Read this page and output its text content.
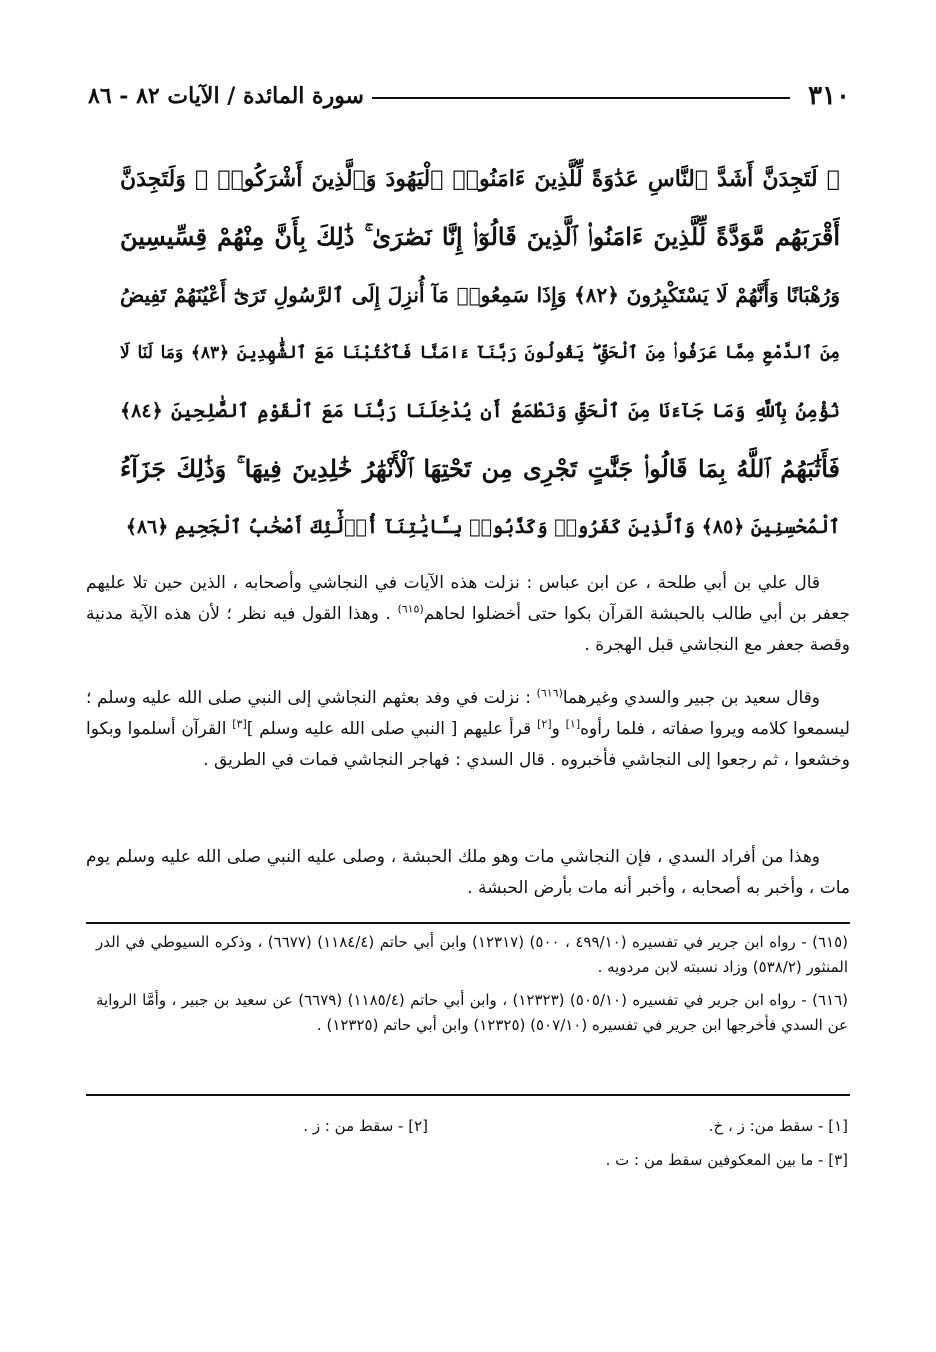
٣١٠
سورة المائدة / الآيات ٨٢ - ٨٦
۞ لَتَجِدَنَّ أَشَدَّ ٱلنَّاسِ عَدَٰوَةً لِّلَّذِينَ ءَامَنُوا۟ ٱلْيَهُودَ وَٱلَّذِينَ أَشْرَكُوا۟ ۖ وَلَتَجِدَنَّ
أَقْرَبَهُم مَّوَدَّةً لِّلَّذِينَ ءَامَنُوا۟ ٱلَّذِينَ قَالُوٓا۟ إِنَّا نَصَٰرَىٰ ۚ ذَٰلِكَ بِأَنَّ مِنْهُمْ قِسِّيسِينَ
وَرُهْبَانًا وَأَنَّهُمْ لَا يَسْتَكْبِرُونَ ﴿٨٢﴾ وَإِذَا سَمِعُوا۟ مَآ أُنزِلَ إِلَى ٱلرَّسُولِ تَرَىٰٓ أَعْيُنَهُمْ تَفِيضُ
مِنَ ٱلدَّمْعِ مِمَّا عَرَفُوا۟ مِنَ ٱلْحَقِّ ۖ يَقُولُونَ رَبَّنَآ ءَامَنَّا فَٱكْتُبْنَا مَعَ ٱلشَّٰهِدِينَ ﴿٨٣﴾ وَمَا لَنَا لَا
نُؤْمِنُ بِٱللَّهِ وَمَا جَآءَنَا مِنَ ٱلْحَقِّ وَنَطْمَعُ أَن يُدْخِلَنَا رَبُّنَا مَعَ ٱلْقَوْمِ ٱلصَّٰلِحِينَ ﴿٨٤﴾
فَأَثَٰبَهُمُ ٱللَّهُ بِمَا قَالُوا۟ جَنَّٰتٍ تَجْرِى مِن تَحْتِهَا ٱلْأَنْهَٰرُ خَٰلِدِينَ فِيهَا ۚ وَذَٰلِكَ جَزَآءُ
ٱلْمُحْسِنِينَ ﴿٨٥﴾ وَٱلَّذِينَ كَفَرُوا۟ وَكَذَّبُوا۟ بِـَٔايَٰتِنَآ أُو۟لَٰٓئِكَ أَصْحَٰبُ ٱلْجَحِيمِ ﴿٨٦﴾

قال علي بن أبي طلحة ، عن ابن عباس : نزلت هذه الآيات في النجاشي وأصحابه ، الذين حين تلا عليهم جعفر بن أبي طالب بالحبشة القرآن بكوا حتى أخضلوا لحاهم$^{(٦١٥)}$ . وهذا القول فيه نظر ؛ لأن هذه الآية مدنية وقصة جعفر مع النجاشي قبل الهجرة .

وقال سعيد بن جبير والسدي وغيرهما$^{(٦١٦)}$ : نزلت في وفد بعثهم النجاشي إلى النبي صلى الله عليه وسلم ؛ ليسمعوا كلامه ويروا صفاته ، فلما رأوه[١] و[٢] قرأ عليهم [ النبي صلى الله عليه وسلم ][٣] القرآن أسلموا وبكوا وخشعوا ، ثم رجعوا إلى النجاشي فأخبروه . قال السدي : فهاجر النجاشي فمات في الطريق .

وهذا من أفراد السدي ، فإن النجاشي مات وهو ملك الحبشة ، وصلى عليه النبي صلى الله عليه وسلم يوم مات ، وأخبر به أصحابه ، وأخبر أنه مات بأرض الحبشة .

(٦١٥) - رواه ابن جرير في تفسيره (٤٩٩/١٠ ، ٥٠٠) (١٢٣١٧) وابن أبي حاتم (١١٨٤/٤) (٦٦٧٧) ، وذكره السيوطي في الدر المنثور (٥٣٨/٢) وزاد نسبته لابن مردويه .

(٦١٦) - رواه ابن جرير في تفسيره (٥٠٥/١٠) (١٢٣٢٣) ، وابن أبي حاتم (١١٨٥/٤) (٦٦٧٩) عن سعيد بن جبير ، وأمَّا الرواية عن السدي فأخرجها ابن جرير في تفسيره (٥٠٧/١٠) (١٢٣٢٥) وابن أبي حاتم (١٢٣٢٥) .

[١] - سقط من: ز ، خ.
[٢] - سقط من : ز .
[٣] - ما بين المعكوفين سقط من : ت .
